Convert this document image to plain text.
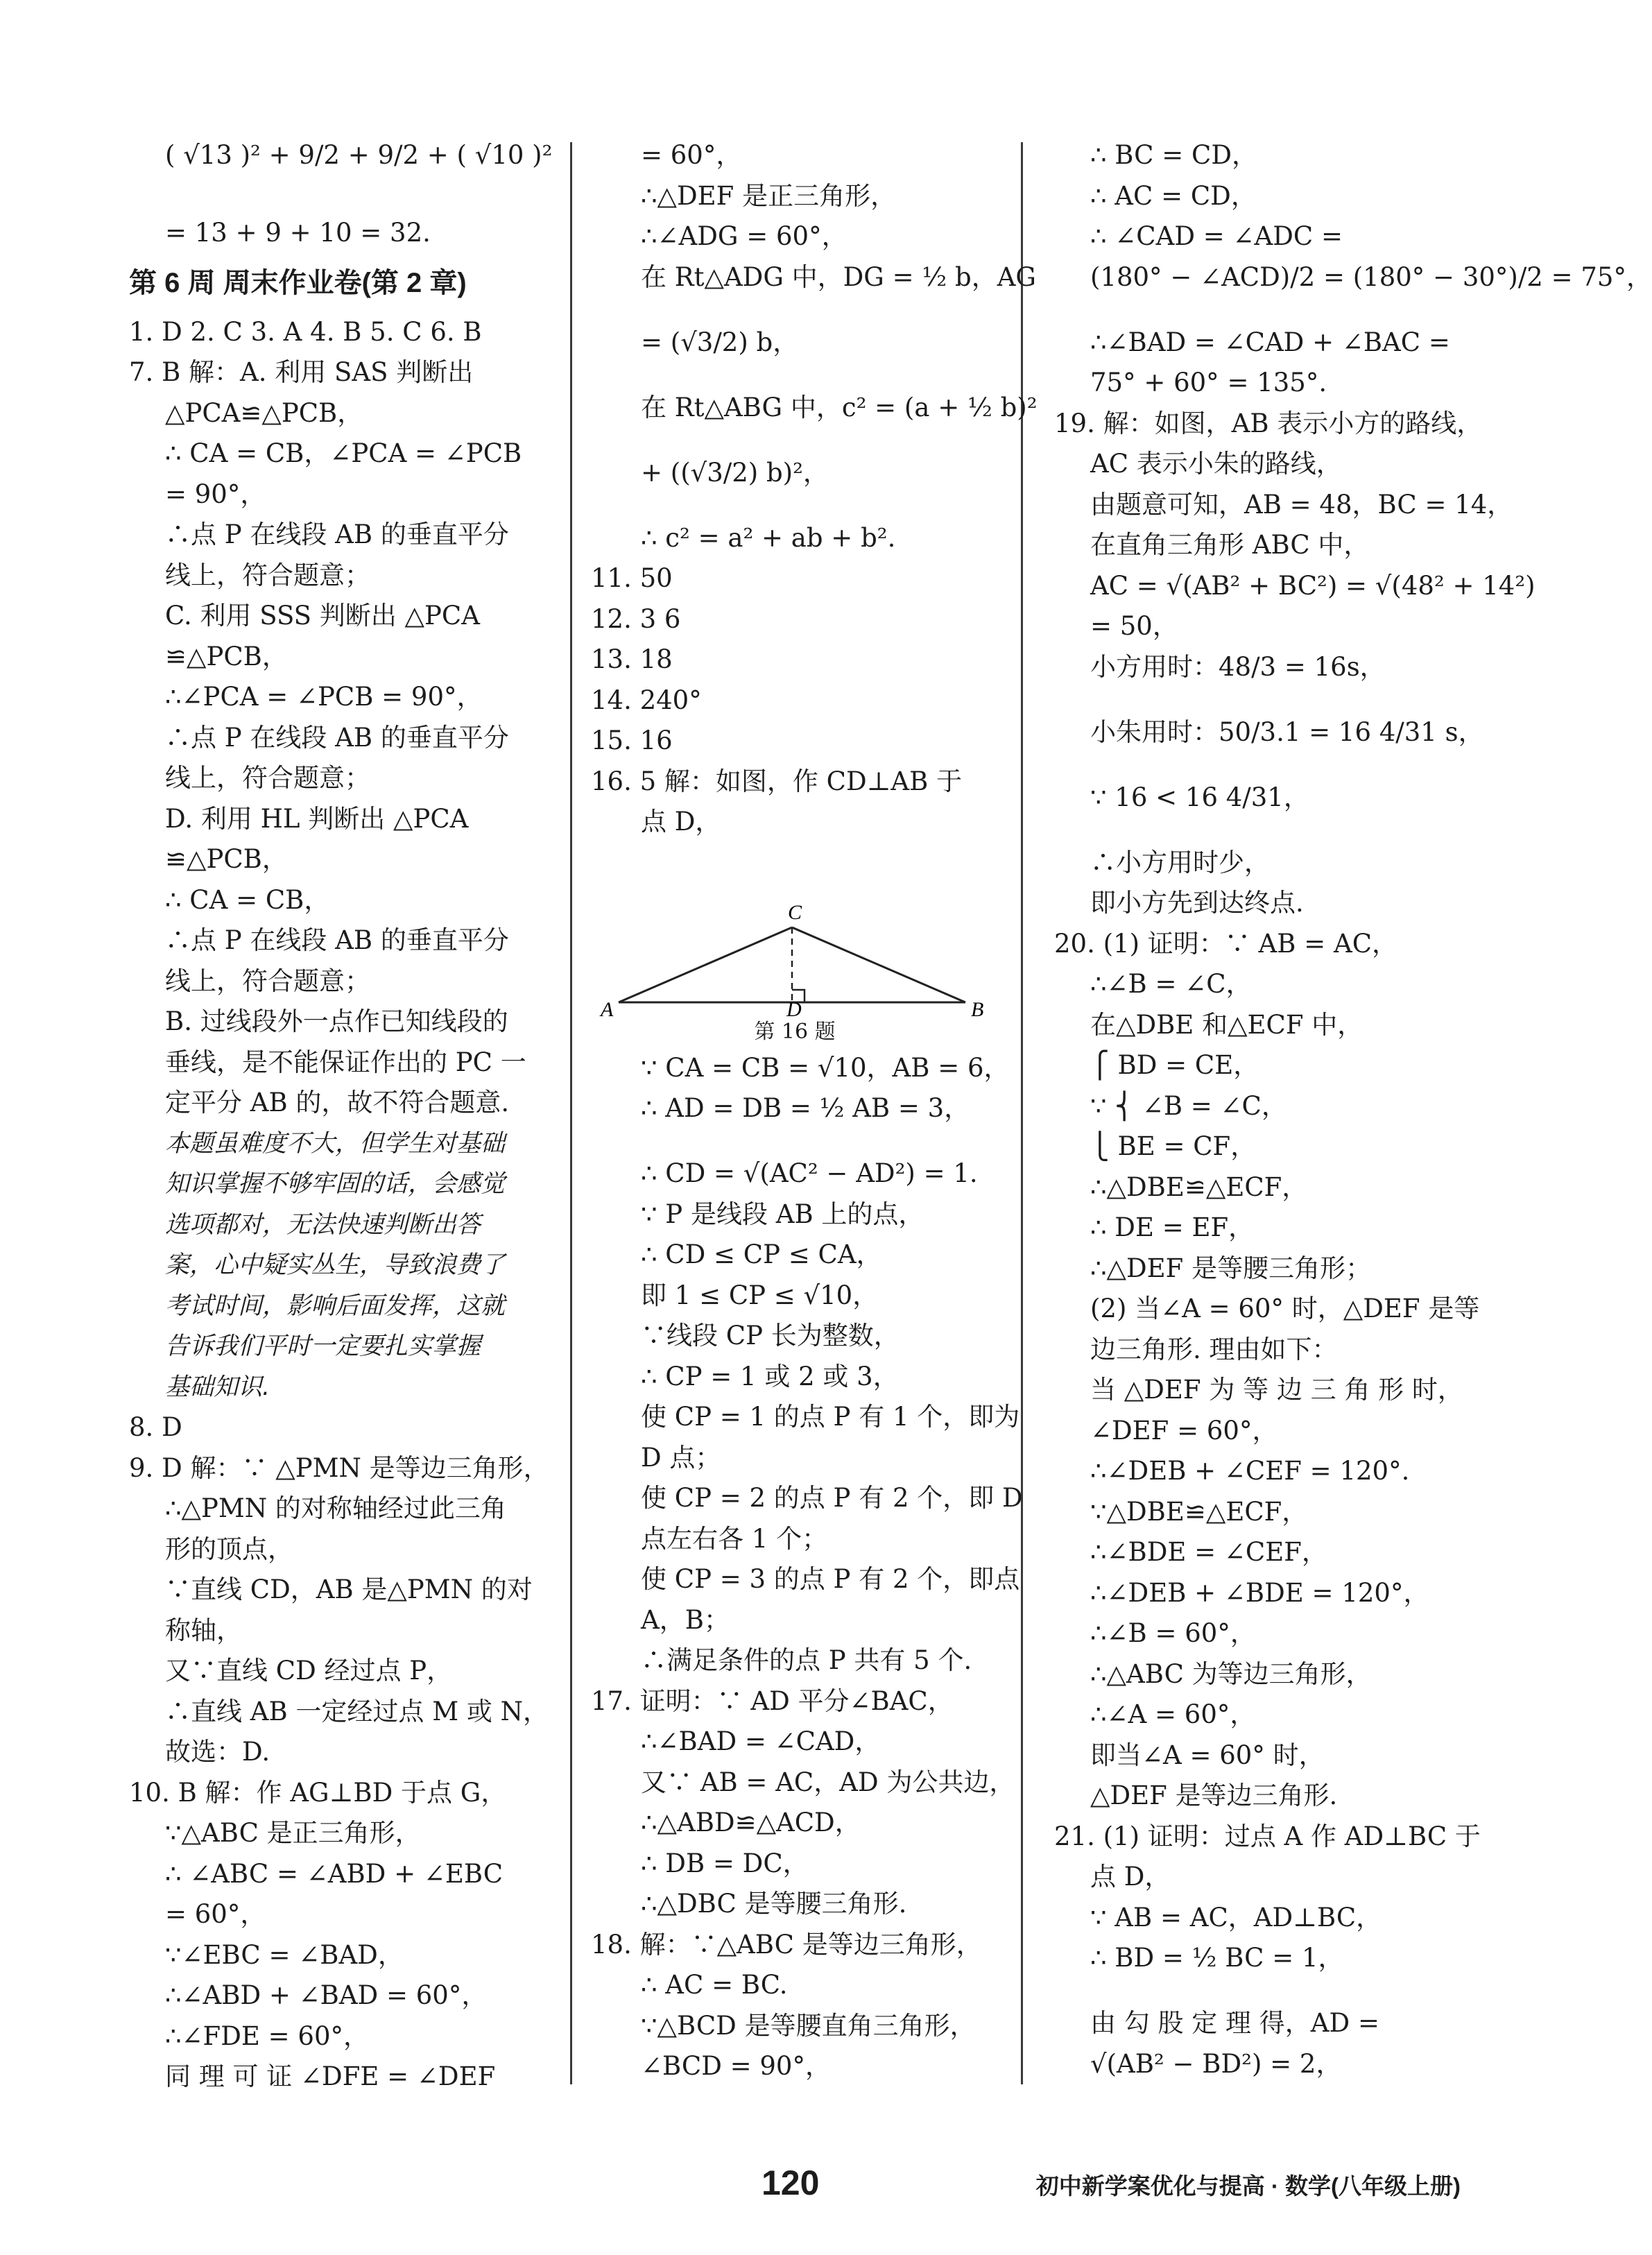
( √13 )² + 9/2 + 9/2 + ( √10 )²
= 13 + 9 + 10 = 32.
第 6 周 周末作业卷(第 2 章)
1. D 2. C 3. A 4. B 5. C 6. B
7. B 解：A. 利用 SAS 判断出
△PCA≌△PCB，
∴ CA = CB，∠PCA = ∠PCB
= 90°，
∴点 P 在线段 AB 的垂直平分
线上，符合题意；
C. 利用 SSS 判断出 △PCA
≌△PCB，
∴∠PCA = ∠PCB = 90°，
∴点 P 在线段 AB 的垂直平分
线上，符合题意；
D. 利用 HL 判断出 △PCA
≌△PCB，
∴ CA = CB，
∴点 P 在线段 AB 的垂直平分
线上，符合题意；
B. 过线段外一点作已知线段的
垂线，是不能保证作出的 PC 一
定平分 AB 的，故不符合题意.
本题虽难度不大，但学生对基础
知识掌握不够牢固的话，会感觉
选项都对，无法快速判断出答
案，心中疑实丛生，导致浪费了
考试时间，影响后面发挥，这就
告诉我们平时一定要扎实掌握
基础知识.
8. D
9. D 解：∵ △PMN 是等边三角形，
∴△PMN 的对称轴经过此三角
形的顶点，
∵直线 CD，AB 是△PMN 的对
称轴，
又∵直线 CD 经过点 P，
∴直线 AB 一定经过点 M 或 N，
故选：D.
10. B 解：作 AG⊥BD 于点 G，
∵△ABC 是正三角形，
∴ ∠ABC = ∠ABD + ∠EBC
= 60°，
∵∠EBC = ∠BAD，
∴∠ABD + ∠BAD = 60°，
∴∠FDE = 60°，
同 理 可 证 ∠DFE = ∠DEF
= 60°，
∴△DEF 是正三角形，
∴∠ADG = 60°，
在 Rt△ADG 中，DG = ½ b，AG
= (√3/2) b，
在 Rt△ABG 中，c² = (a + ½ b)²
+ ((√3/2) b)²，
∴ c² = a² + ab + b².
11. 50
12. 3 6
13. 18
14. 240°
15. 16
16. 5 解：如图，作 CD⊥AB 于
点 D，
C
A	B
D
第 16 题
∵ CA = CB = √10，AB = 6，
∴ AD = DB = ½ AB = 3，
∴ CD = √(AC² − AD²) = 1.
∵ P 是线段 AB 上的点，
∴ CD ≤ CP ≤ CA，
即 1 ≤ CP ≤ √10，
∵线段 CP 长为整数，
∴ CP = 1 或 2 或 3，
使 CP = 1 的点 P 有 1 个，即为
D 点；
使 CP = 2 的点 P 有 2 个，即 D
点左右各 1 个；
使 CP = 3 的点 P 有 2 个，即点
A，B；
∴满足条件的点 P 共有 5 个.
17. 证明：∵ AD 平分∠BAC，
∴∠BAD = ∠CAD，
又∵ AB = AC，AD 为公共边，
∴△ABD≌△ACD，
∴ DB = DC，
∴△DBC 是等腰三角形.
18. 解：∵△ABC 是等边三角形，
∴ AC = BC.
∵△BCD 是等腰直角三角形，
∠BCD = 90°，
∴ BC = CD，
∴ AC = CD，
∴ ∠CAD = ∠ADC =
(180° − ∠ACD)/2 = (180° − 30°)/2 = 75°，
∴∠BAD = ∠CAD + ∠BAC =
75° + 60° = 135°.
19. 解：如图，AB 表示小方的路线，
AC 表示小朱的路线，
由题意可知，AB = 48，BC = 14，
在直角三角形 ABC 中，
AC = √(AB² + BC²) = √(48² + 14²)
= 50，
小方用时：48/3 = 16s，
小朱用时：50/3.1 = 16 4/31 s，
∵ 16 < 16 4/31，
∴小方用时少，
即小方先到达终点.
20. (1) 证明：∵ AB = AC，
∴∠B = ∠C，
在△DBE 和△ECF 中，
⎧ BD = CE，
∵ ⎨ ∠B = ∠C，
⎩ BE = CF，
∴△DBE≌△ECF，
∴ DE = EF，
∴△DEF 是等腰三角形；
(2) 当∠A = 60° 时，△DEF 是等
边三角形. 理由如下：
当 △DEF 为 等 边 三 角 形 时，
∠DEF = 60°，
∴∠DEB + ∠CEF = 120°.
∵△DBE≌△ECF，
∴∠BDE = ∠CEF，
∴∠DEB + ∠BDE = 120°，
∴∠B = 60°，
∴△ABC 为等边三角形，
∴∠A = 60°，
即当∠A = 60° 时，
△DEF 是等边三角形.
21. (1) 证明：过点 A 作 AD⊥BC 于
点 D，
∵ AB = AC，AD⊥BC，
∴ BD = ½ BC = 1，
由 勾 股 定 理 得，AD =
√(AB² − BD²) = 2，
120	初中新学案优化与提高 · 数学(八年级上册)
